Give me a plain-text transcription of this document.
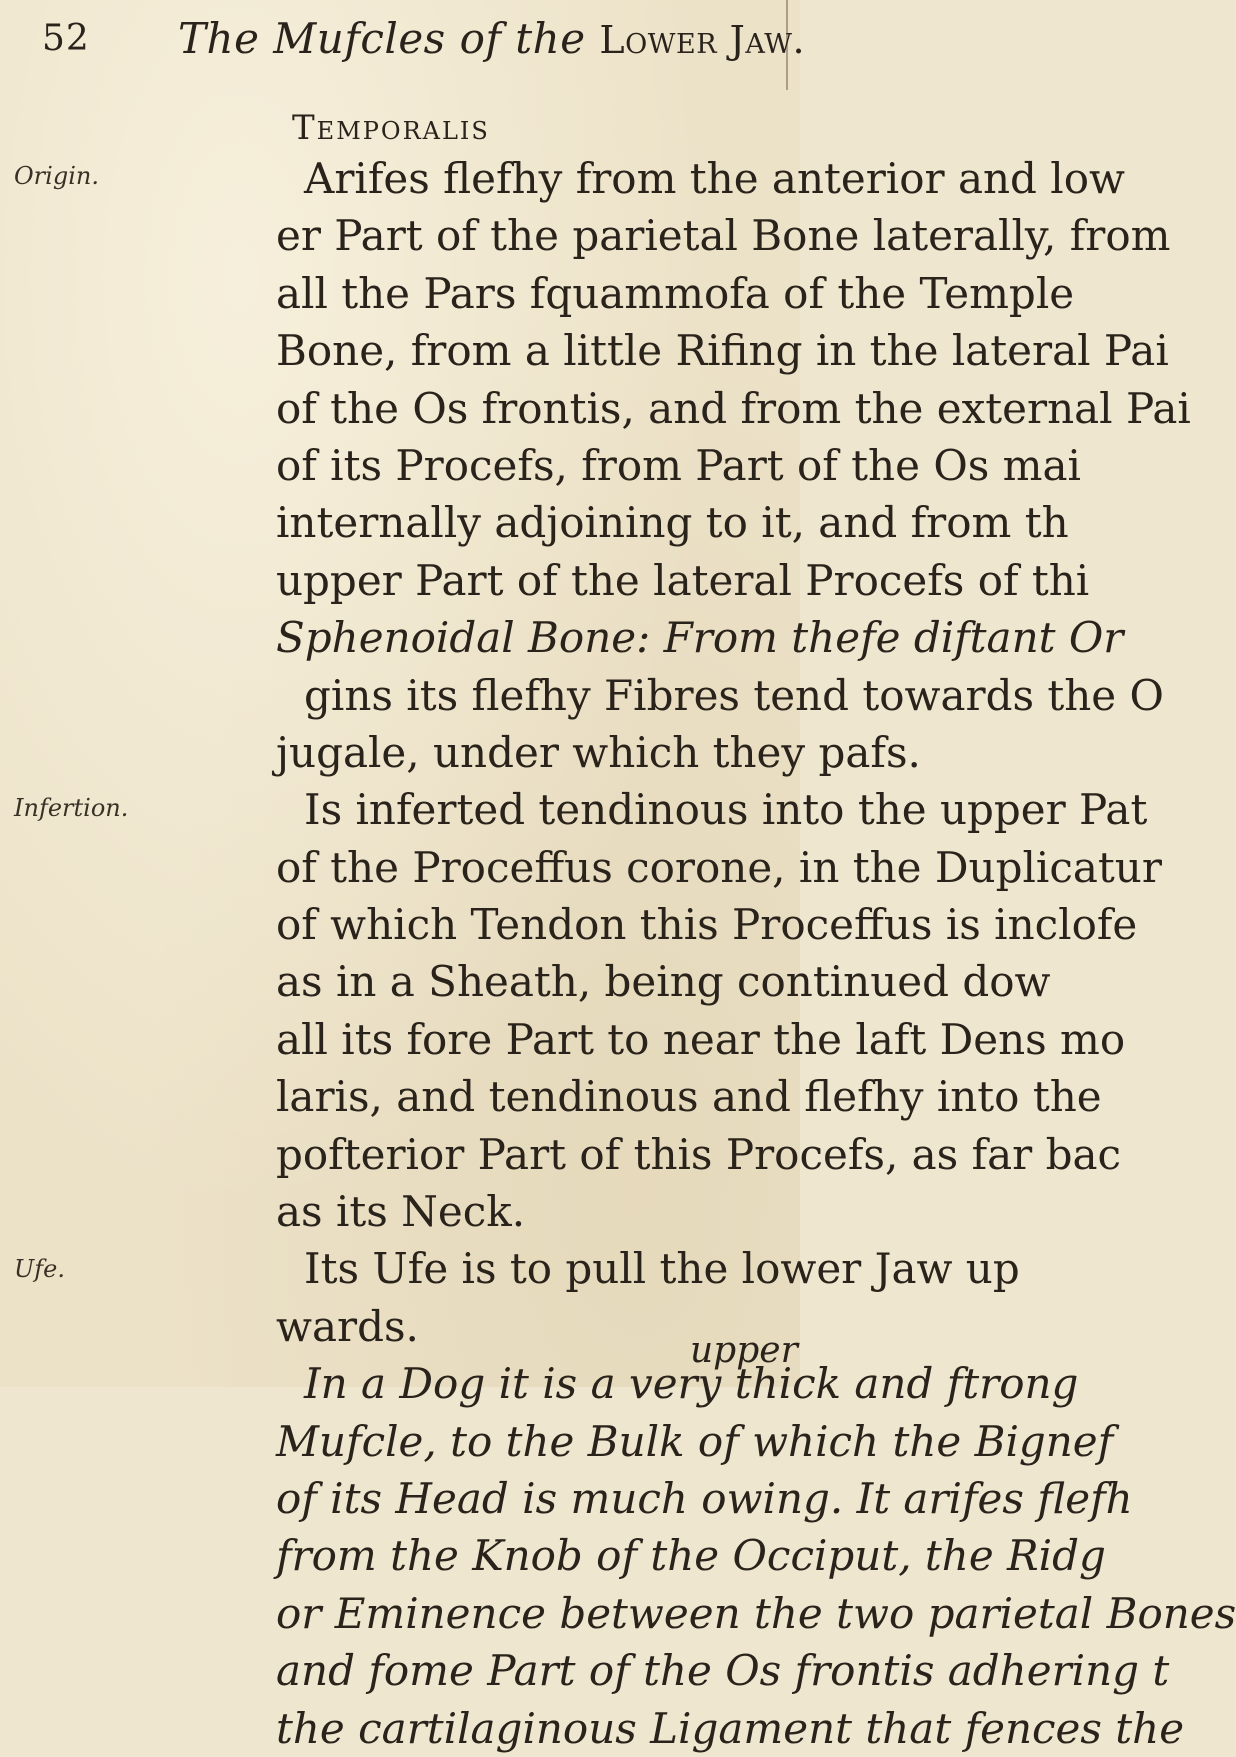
52 The Mufcles of the Lower Jaw.
Temporalis
Origin.
Infertion.
Ufe.
Arifes flefhy from the anterior and low
er Part of the parietal Bone laterally, from
all the Pars fquammofa of the Temple
Bone, from a little Rifing in the lateral Pai
of the Os frontis, and from the external Pai
of its Procefs, from Part of the Os mai
internally adjoining to it, and from th
upper Part of the lateral Procefs of thi
Sphenoidal Bone: From thefe diftant Or
gins its flefhy Fibres tend towards the O
jugale, under which they pafs.
Is inferted tendinous into the upper Pat
of the Proceffus corone, in the Duplicatur
of which Tendon this Proceffus is inclofe
as in a Sheath, being continued dow
all its fore Part to near the laft Dens mo
laris, and tendinous and flefhy into the
pofterior Part of this Procefs, as far bac
as its Neck.
Its Ufe is to pull the lower Jaw up
wards.
In a Dog it is a very thick and ftrong
Mufcle, to the Bulk of which the Bignef
of its Head is much owing. It arifes flefh
from the Knob of the Occiput, the Ridg
or Eminence between the two parietal Bones
and fome Part of the Os frontis adhering t
the cartilaginous Ligament that fences the
upper
